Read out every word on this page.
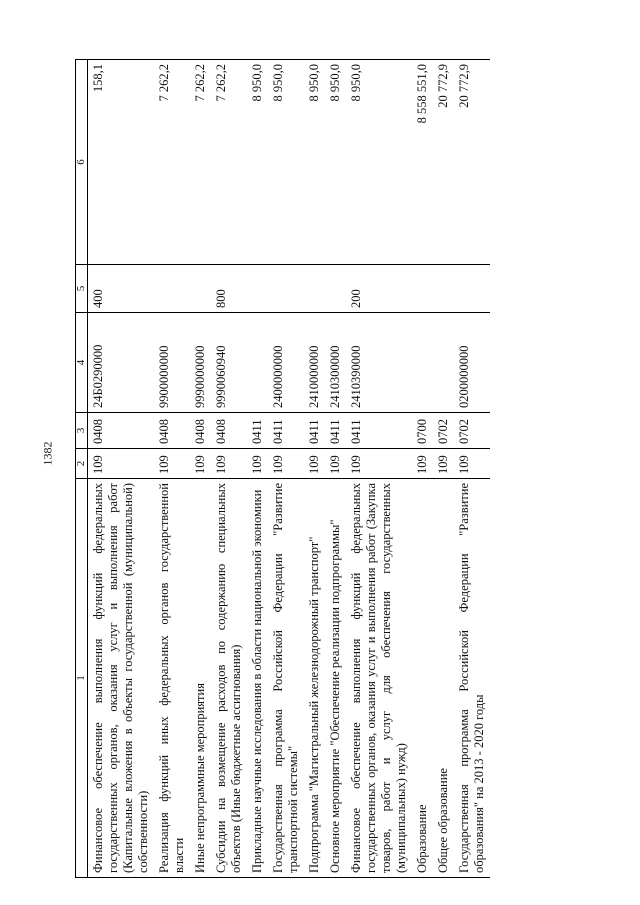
1382
1	2	3	4	5	6
Финансовое обеспечение выполнения функций федеральных государственных органов, оказания услуг и выполнения работ (Капитальные вложения в объекты государственной (муниципальной) собственности)	109	0408	24Б0290000	400	158,1
Реализация функций иных федеральных органов государственной власти	109	0408	9900000000		7 262,2
Иные непрограммные мероприятия	109	0408	9990000000		7 262,2
Субсидии на возмещение расходов по содержанию специальных объектов (Иные бюджетные ассигнования)	109	0408	9990060940	800	7 262,2
Прикладные научные исследования в области национальной экономики	109	0411			8 950,0
Государственная программа Российской Федерации "Развитие транспортной системы"	109	0411	2400000000		8 950,0
Подпрограмма "Магистральный железнодорожный транспорт"	109	0411	2410000000		8 950,0
Основное мероприятие "Обеспечение реализации подпрограммы"	109	0411	2410300000		8 950,0
Финансовое обеспечение выполнения функций федеральных государственных органов, оказания услуг и выполнения работ (Закупка товаров, работ и услуг для обеспечения государственных (муниципальных) нужд)	109	0411	2410390000	200	8 950,0
Образование	109	0700			8 558 551,0
Общее образование	109	0702			20 772,9
Государственная программа Российской Федерации "Развитие образования" на 2013 - 2020 годы	109	0702	0200000000		20 772,9
